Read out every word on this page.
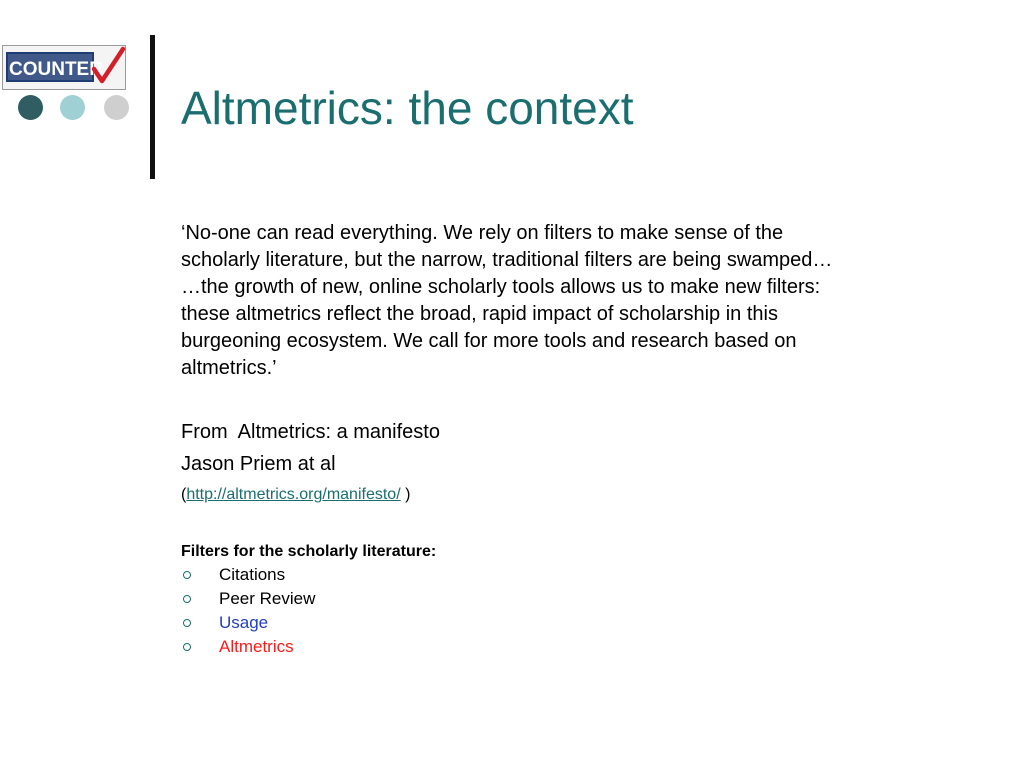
COUNTER
Altmetrics: the context
‘No-one can read everything. We rely on filters to make sense of the
scholarly literature, but the narrow, traditional filters are being swamped…
…the growth of new, online scholarly tools allows us to make new filters:
these altmetrics reflect the broad, rapid impact of scholarship in this
burgeoning ecosystem. We call for more tools and research based on
altmetrics.’
From  Altmetrics: a manifesto
Jason Priem at al
(http://altmetrics.org/manifesto/ )
Filters for the scholarly literature:
Citations
Peer Review
Usage
Altmetrics
